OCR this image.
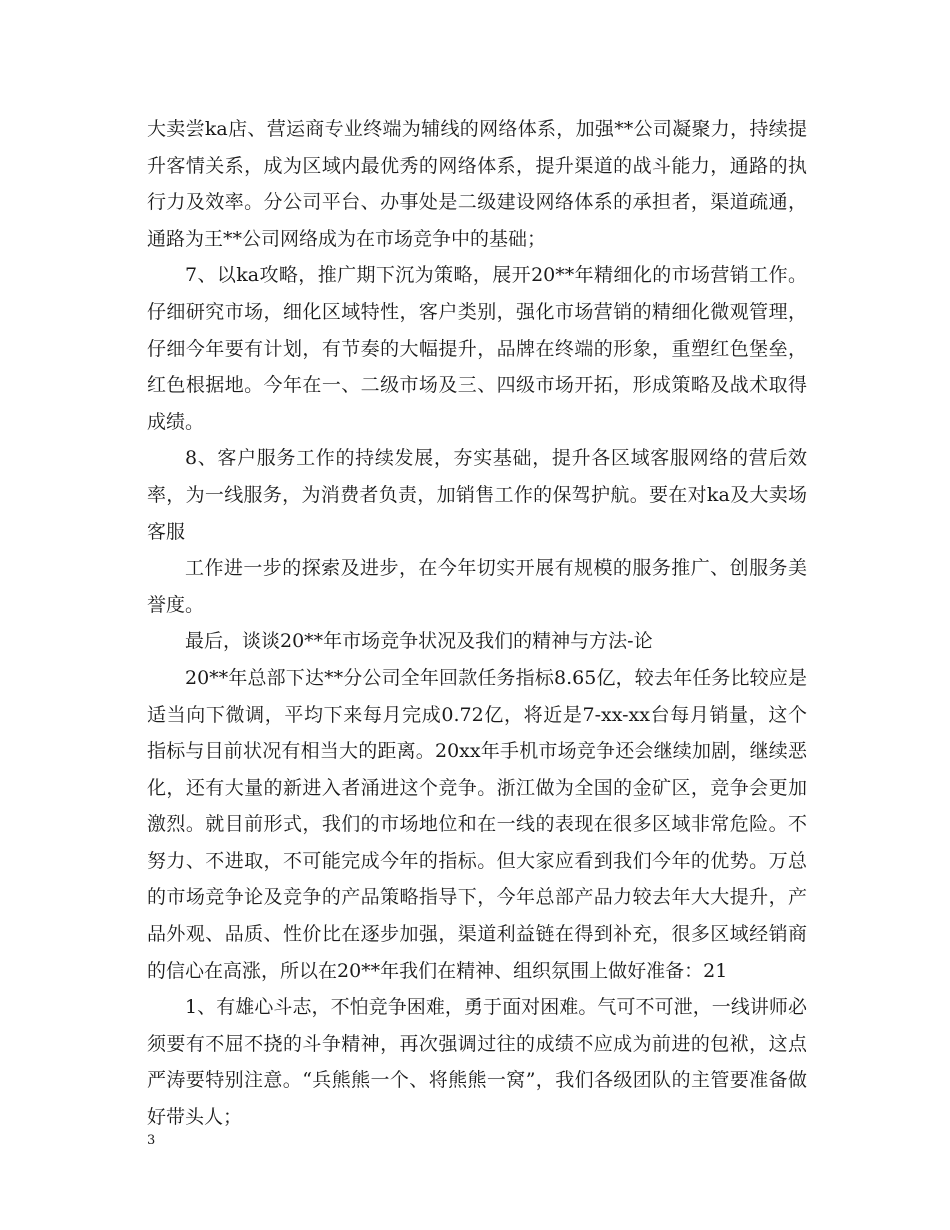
大卖尝ka店、营运商专业终端为辅线的网络体系，加强**公司凝聚力，持续提升客情关系，成为区域内最优秀的网络体系，提升渠道的战斗能力，通路的执行力及效率。分公司平台、办事处是二级建设网络体系的承担者，渠道疏通，通路为王**公司网络成为在市场竞争中的基础；

7、以ka攻略，推广期下沉为策略，展开20**年精细化的市场营销工作。仔细研究市场，细化区域特性，客户类别，强化市场营销的精细化微观管理，仔细今年要有计划，有节奏的大幅提升，品牌在终端的形象，重塑红色堡垒，红色根据地。今年在一、二级市场及三、四级市场开拓，形成策略及战术取得成绩。

8、客户服务工作的持续发展，夯实基础，提升各区域客服网络的营后效率，为一线服务，为消费者负责，加销售工作的保驾护航。要在对ka及大卖场客服

工作进一步的探索及进步，在今年切实开展有规模的服务推广、创服务美誉度。

最后，谈谈20**年市场竞争状况及我们的精神与方法-论

20**年总部下达**分公司全年回款任务指标8.65亿，较去年任务比较应是适当向下微调，平均下来每月完成0.72亿，将近是7-xx-xx台每月销量，这个指标与目前状况有相当大的距离。20xx年手机市场竞争还会继续加剧，继续恶化，还有大量的新进入者涌进这个竞争。浙江做为全国的金矿区，竞争会更加激烈。就目前形式，我们的市场地位和在一线的表现在很多区域非常危险。不努力、不进取，不可能完成今年的指标。但大家应看到我们今年的优势。万总的市场竞争论及竞争的产品策略指导下，今年总部产品力较去年大大提升，产品外观、品质、性价比在逐步加强，渠道利益链在得到补充，很多区域经销商的信心在高涨，所以在20**年我们在精神、组织氛围上做好准备：21

1、有雄心斗志，不怕竞争困难，勇于面对困难。气可不可泄，一线讲师必须要有不屈不挠的斗争精神，再次强调过往的成绩不应成为前进的包袱，这点严涛要特别注意。“兵熊熊一个、将熊熊一窝”，我们各级团队的主管要准备做好带头人；

3
